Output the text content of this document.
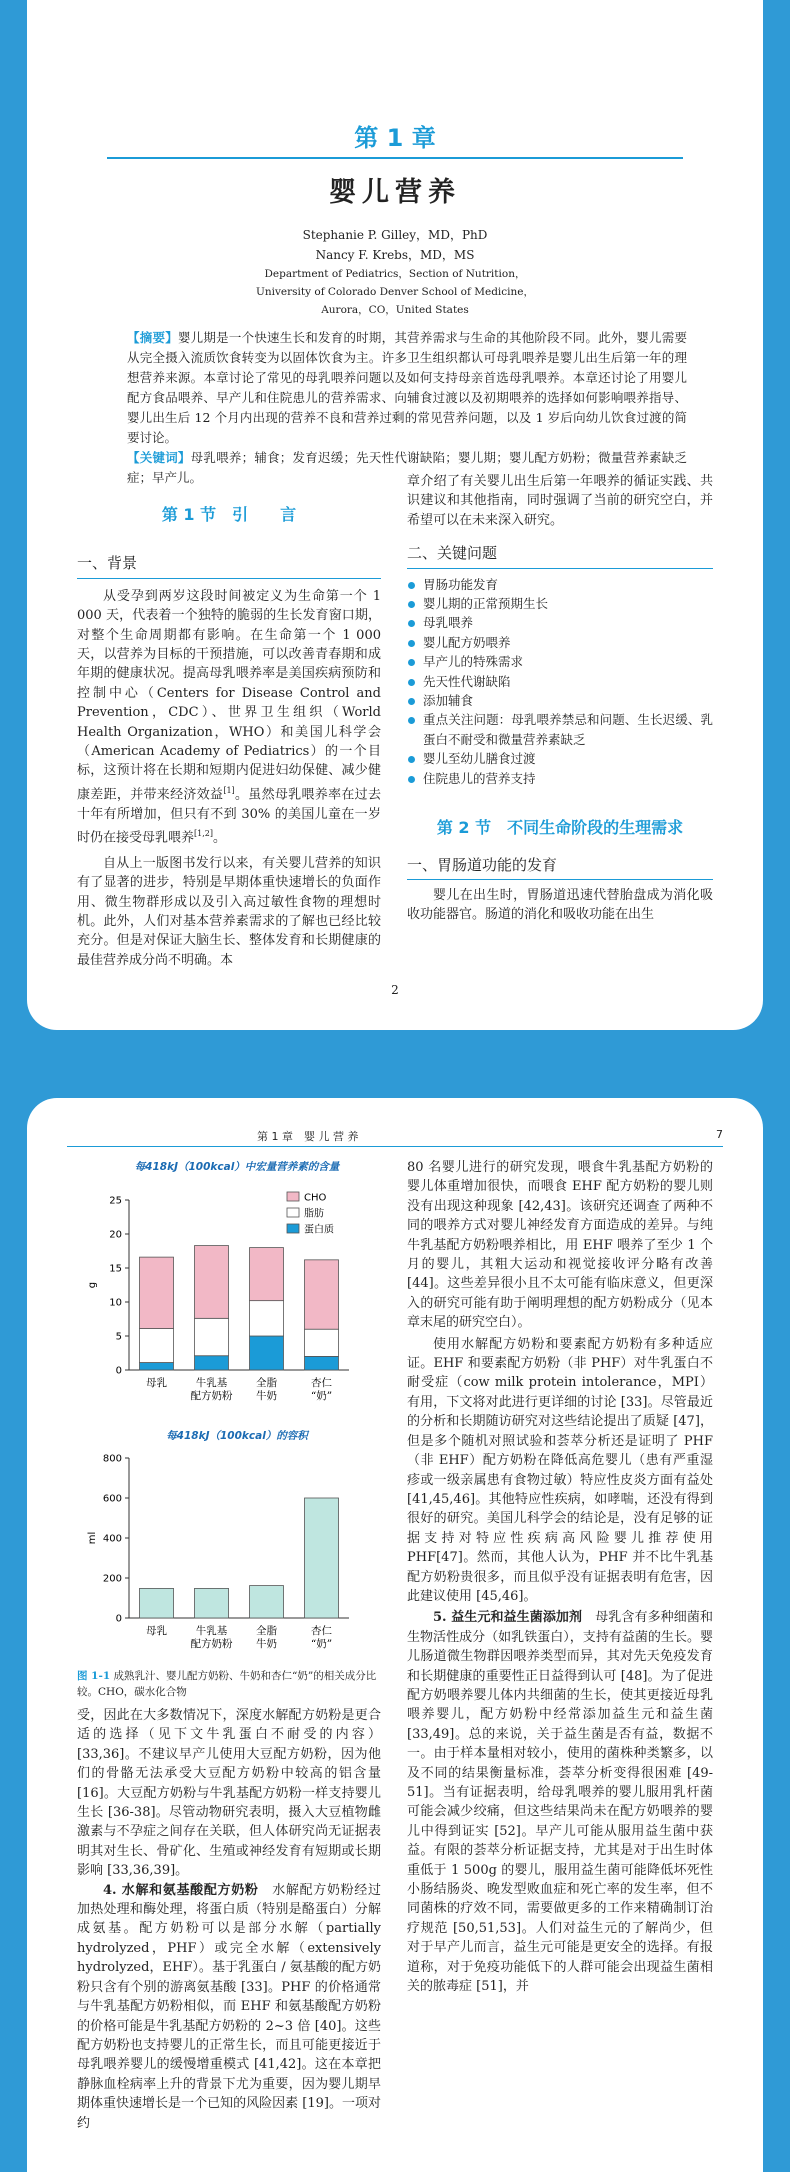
第 1 章
婴儿营养
Stephanie P. Gilley，MD，PhD
Nancy F. Krebs，MD，MS
Department of Pediatrics，Section of Nutrition，
University of Colorado Denver School of Medicine，
Aurora，CO，United States
【摘要】婴儿期是一个快速生长和发育的时期，其营养需求与生命的其他阶段不同。此外，婴儿需要从完全摄入流质饮食转变为以固体饮食为主。许多卫生组织都认可母乳喂养是婴儿出生后第一年的理想营养来源。本章讨论了常见的母乳喂养问题以及如何支持母亲首选母乳喂养。本章还讨论了用婴儿配方食品喂养、早产儿和住院患儿的营养需求、向辅食过渡以及初期喂养的选择如何影响喂养指导、婴儿出生后 12 个月内出现的营养不良和营养过剩的常见营养问题，以及 1 岁后向幼儿饮食过渡的简要讨论。
【关键词】母乳喂养；辅食；发育迟缓；先天性代谢缺陷；婴儿期；婴儿配方奶粉；微量营养素缺乏症；早产儿。
第 1 节　引　　言
一、背景

从受孕到两岁这段时间被定义为生命第一个 1 000 天，代表着一个独特的脆弱的生长发育窗口期，对整个生命周期都有影响。在生命第一个 1 000 天，以营养为目标的干预措施，可以改善青春期和成年期的健康状况。提高母乳喂养率是美国疾病预防和控制中心（Centers for Disease Control and Prevention，CDC）、世界卫生组织（World Health Organization，WHO）和美国儿科学会（American Academy of Pediatrics）的一个目标，这预计将在长期和短期内促进妇幼保健、减少健康差距，并带来经济效益[1]。虽然母乳喂养率在过去十年有所增加，但只有不到 30% 的美国儿童在一岁时仍在接受母乳喂养[1,2]。

自从上一版图书发行以来，有关婴儿营养的知识有了显著的进步，特别是早期体重快速增长的负面作用、微生物群形成以及引入高过敏性食物的理想时机。此外，人们对基本营养素需求的了解也已经比较充分。但是对保证大脑生长、整体发育和长期健康的最佳营养成分尚不明确。本

章介绍了有关婴儿出生后第一年喂养的循证实践、共识建议和其他指南，同时强调了当前的研究空白，并希望可以在未来深入研究。
二、关键问题
胃肠功能发育
婴儿期的正常预期生长
母乳喂养
婴儿配方奶喂养
早产儿的特殊需求
先天性代谢缺陷
添加辅食
重点关注问题：母乳喂养禁忌和问题、生长迟缓、乳蛋白不耐受和微量营养素缺乏
婴儿至幼儿膳食过渡
住院患儿的营养支持
第 2 节　不同生命阶段的生理需求
一、胃肠道功能的发育

婴儿在出生时，胃肠道迅速代替胎盘成为消化吸收功能器官。肠道的消化和吸收功能在出生

2
第 1 章　婴 儿 营 养	7
每418kJ（100kcal）中宏量营养素的含量
0
5
10
15
20
25
g
母乳	牛乳基
配方奶粉
全脂
牛奶
杏仁
“奶”
CHO
脂肪
蛋白质
每418kJ（100kcal）的容积
0
200
400
600
800
ml
母乳	牛乳基
配方奶粉
全脂
牛奶
杏仁
“奶”
图 1-1 成熟乳汁、婴儿配方奶粉、牛奶和杏仁“奶”的相关成分比较。CHO，碳水化合物
受，因此在大多数情况下，深度水解配方奶粉是更合适的选择（见下文牛乳蛋白不耐受的内容）[33,36]。不建议早产儿使用大豆配方奶粉，因为他们的骨骼无法承受大豆配方奶粉中较高的铝含量 [16]。大豆配方奶粉与牛乳基配方奶粉一样支持婴儿生长 [36-38]。尽管动物研究表明，摄入大豆植物雌激素与不孕症之间存在关联，但人体研究尚无证据表明其对生长、骨矿化、生殖或神经发育有短期或长期影响 [33,36,39]。

4. 水解和氨基酸配方奶粉　 水解配方奶粉经过加热处理和酶处理，将蛋白质（特别是酪蛋白）分解成氨基。配方奶粉可以是部分水解（partially hydrolyzed，PHF）或完全水解（extensively hydrolyzed，EHF）。基于乳蛋白 / 氨基酸的配方奶粉只含有个别的游离氨基酸 [33]。PHF 的价格通常与牛乳基配方奶粉相似，而 EHF 和氨基酸配方奶粉的价格可能是牛乳基配方奶粉的 2~3 倍 [40]。这些配方奶粉也支持婴儿的正常生长，而且可能更接近于母乳喂养婴儿的缓慢增重模式 [41,42]。这在本章把静脉血栓病率上升的背景下尤为重要，因为婴儿期早期体重快速增长是一个已知的风险因素 [19]。一项对约

80 名婴儿进行的研究发现，喂食牛乳基配方奶粉的婴儿体重增加很快，而喂食 EHF 配方奶粉的婴儿则没有出现这种现象 [42,43]。该研究还调查了两种不同的喂养方式对婴儿神经发育方面造成的差异。与纯牛乳基配方奶粉喂养相比，用 EHF 喂养了至少 1 个月的婴儿，其粗大运动和视觉接收评分略有改善 [44]。这些差异很小且不太可能有临床意义，但更深入的研究可能有助于阐明理想的配方奶粉成分（见本章末尾的研究空白）。

使用水解配方奶粉和要素配方奶粉有多种适应证。EHF 和要素配方奶粉（非 PHF）对牛乳蛋白不耐受症（cow milk protein intolerance，MPI）有用，下文将对此进行更详细的讨论 [33]。尽管最近的分析和长期随访研究对这些结论提出了质疑 [47]，但是多个随机对照试验和荟萃分析还是证明了 PHF（非 EHF）配方奶粉在降低高危婴儿（患有严重湿疹或一级亲属患有食物过敏）特应性皮炎方面有益处 [41,45,46]。其他特应性疾病，如哮喘，还没有得到很好的研究。美国儿科学会的结论是，没有足够的证据支持对特应性疾病高风险婴儿推荐使用 PHF[47]。然而，其他人认为，PHF 并不比牛乳基配方奶粉贵很多，而且似乎没有证据表明有危害，因此建议使用 [45,46]。

5. 益生元和益生菌添加剂　 母乳含有多种细菌和生物活性成分（如乳铁蛋白），支持有益菌的生长。婴儿肠道微生物群因喂养类型而异，其对先天免疫发育和长期健康的重要性正日益得到认可 [48]。为了促进配方奶喂养婴儿体内共细菌的生长，使其更接近母乳喂养婴儿，配方奶粉中经常添加益生元和益生菌 [33,49]。总的来说，关于益生菌是否有益，数据不一。由于样本量相对较小，使用的菌株种类繁多，以及不同的结果衡量标准，荟萃分析变得很困难 [49-51]。当有证据表明，给母乳喂养的婴儿服用乳杆菌可能会减少绞痛，但这些结果尚未在配方奶喂养的婴儿中得到证实 [52]。早产儿可能从服用益生菌中获益。有限的荟萃分析证据支持，尤其是对于出生时体重低于 1 500g 的婴儿，服用益生菌可能降低坏死性小肠结肠炎、晚发型败血症和死亡率的发生率，但不同菌株的疗效不同，需要做更多的工作来精确制订治疗规范 [50,51,53]。人们对益生元的了解尚少，但对于早产儿而言，益生元可能是更安全的选择。有报道称，对于免疫功能低下的人群可能会出现益生菌相关的脓毒症 [51]，并
